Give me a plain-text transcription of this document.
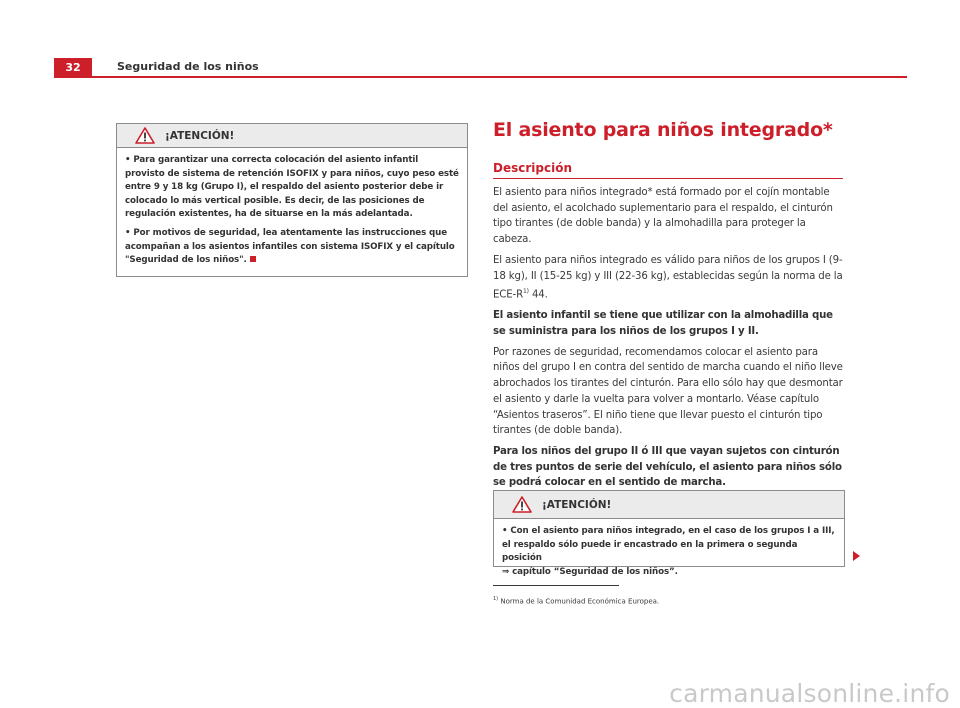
32	Seguridad de los niños
¡ATENCIÓN!

• Para garantizar una correcta colocación del asiento infantil provisto de sistema de retención ISOFIX y para niños, cuyo peso esté entre 9 y 18 kg (Grupo I), el respaldo del asiento posterior debe ir colocado lo más vertical posible. Es decir, de las posiciones de regulación existentes, ha de situarse en la más adelantada.

• Por motivos de seguridad, lea atentamente las instrucciones que acompañan a los asientos infantiles con sistema ISOFIX y el capítulo "Seguridad de los niños".

El asiento para niños integrado*
Descripción

El asiento para niños integrado* está formado por el cojín montable del asiento, el acolchado suplementario para el respaldo, el cinturón tipo tirantes (de doble banda) y la almohadilla para proteger la cabeza.

El asiento para niños integrado es válido para niños de los grupos I (9-18 kg), II (15-25 kg) y III (22-36 kg), establecidas según la norma de la ECE-$R^{1)}$ 44.

El asiento infantil se tiene que utilizar con la almohadilla que se suministra para los niños de los grupos I y II.

Por razones de seguridad, recomendamos colocar el asiento para niños del grupo I en contra del sentido de marcha cuando el niño lleve abrochados los tirantes del cinturón. Para ello sólo hay que desmontar el asiento y darle la vuelta para volver a montarlo. Véase capítulo “Asientos traseros”. El niño tiene que llevar puesto el cinturón tipo tirantes (de doble banda).

Para los niños del grupo II ó III que vayan sujetos con cinturón de tres puntos de serie del vehículo, el asiento para niños sólo se podrá colocar en el sentido de marcha.

¡ATENCIÓN!

• Con el asiento para niños integrado, en el caso de los grupos I a III, el respaldo sólo puede ir encastrado en la primera o segunda posición
⇒ capítulo “Seguridad de los niños”.

$^{1)}$ Norma de la Comunidad Económica Europea.
carmanualsonline.info
